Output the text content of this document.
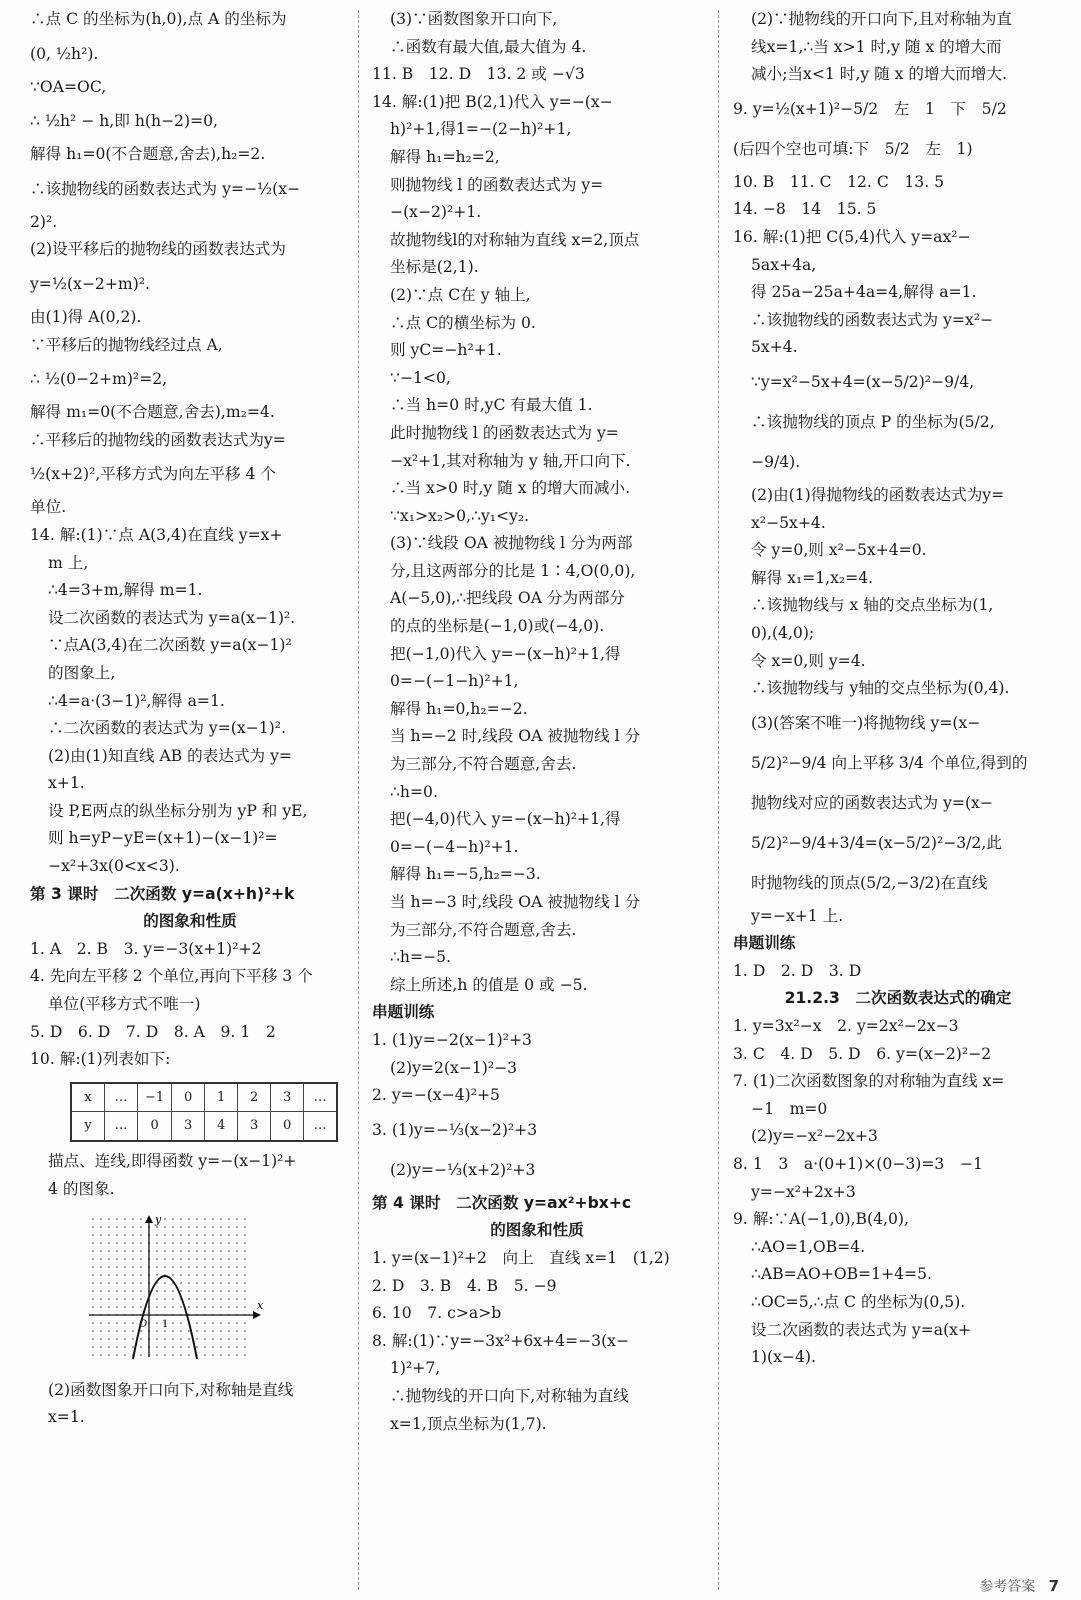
∴点 C 的坐标为(h,0),点 A 的坐标为
(0, ½h²).
∵OA=OC,
∴ ½h² − h,即 h(h−2)=0,
解得 h₁=0(不合题意,舍去),h₂=2.
∴该抛物线的函数表达式为 y=−½(x−
2)².
(2)设平移后的抛物线的函数表达式为
y=½(x−2+m)².
由(1)得 A(0,2).
∵平移后的抛物线经过点 A,
∴ ½(0−2+m)²=2,
解得 m₁=0(不合题意,舍去),m₂=4.
∴平移后的抛物线的函数表达式为y=
½(x+2)²,平移方式为向左平移 4 个
单位.
14. 解:(1)∵点 A(3,4)在直线 y=x+
m 上,
∴4=3+m,解得 m=1.
设二次函数的表达式为 y=a(x−1)².
∵点A(3,4)在二次函数 y=a(x−1)²
的图象上,
∴4=a·(3−1)²,解得 a=1.
∴二次函数的表达式为 y=(x−1)².
(2)由(1)知直线 AB 的表达式为 y=
x+1.
设 P,E两点的纵坐标分别为 yP 和 yE,
则 h=yP−yE=(x+1)−(x−1)²=
−x²+3x(0<x<3).
第 3 课时　二次函数 y=a(x+h)²+k
的图象和性质
1. A　2. B　3. y=−3(x+1)²+2
4. 先向左平移 2 个单位,再向下平移 3 个
单位(平移方式不唯一)
5. D　6. D　7. D　8. A　9. 1　2
10. 解:(1)列表如下:
x	…	−1	0	1	2	3	…
y	…	0	3	4	3	0	…
描点、连线,即得函数 y=−(x−1)²+
4 的图象.
x
y
O 1
(2)函数图象开口向下,对称轴是直线
x=1.
(3)∵函数图象开口向下,
∴函数有最大值,最大值为 4.
11. B　12. D　13. 2 或 −√3
14. 解:(1)把 B(2,1)代入 y=−(x−
h)²+1,得1=−(2−h)²+1,
解得 h₁=h₂=2,
则抛物线 l 的函数表达式为 y=
−(x−2)²+1.
故抛物线l的对称轴为直线 x=2,顶点
坐标是(2,1).
(2)∵点 C在 y 轴上,
∴点 C的横坐标为 0.
则 yC=−h²+1.
∵−1<0,
∴当 h=0 时,yC 有最大值 1.
此时抛物线 l 的函数表达式为 y=
−x²+1,其对称轴为 y 轴,开口向下.
∴当 x>0 时,y 随 x 的增大而减小.
∵x₁>x₂>0,∴y₁<y₂.
(3)∵线段 OA 被抛物线 l 分为两部
分,且这两部分的比是 1∶4,O(0,0),
A(−5,0),∴把线段 OA 分为两部分
的点的坐标是(−1,0)或(−4,0).
把(−1,0)代入 y=−(x−h)²+1,得
0=−(−1−h)²+1,
解得 h₁=0,h₂=−2.
当 h=−2 时,线段 OA 被抛物线 l 分
为三部分,不符合题意,舍去.
∴h=0.
把(−4,0)代入 y=−(x−h)²+1,得
0=−(−4−h)²+1.
解得 h₁=−5,h₂=−3.
当 h=−3 时,线段 OA 被抛物线 l 分
为三部分,不符合题意,舍去.
∴h=−5.
综上所述,h 的值是 0 或 −5.
串题训练
1. (1)y=−2(x−1)²+3
(2)y=2(x−1)²−3
2. y=−(x−4)²+5
3. (1)y=−⅓(x−2)²+3
(2)y=−⅓(x+2)²+3
第 4 课时　二次函数 y=ax²+bx+c
的图象和性质
1. y=(x−1)²+2　向上　直线 x=1　(1,2)
2. D　3. B　4. B　5. −9
6. 10　7. c>a>b
8. 解:(1)∵y=−3x²+6x+4=−3(x−
1)²+7,
∴抛物线的开口向下,对称轴为直线
x=1,顶点坐标为(1,7).
(2)∵抛物线的开口向下,且对称轴为直
线x=1,∴当 x>1 时,y 随 x 的增大而
减小;当x<1 时,y 随 x 的增大而增大.
9. y=½(x+1)²−5/2　左　1　下　5/2
(后四个空也可填:下　5/2　左　1)
10. B　11. C　12. C　13. 5
14. −8　14　15. 5
16. 解:(1)把 C(5,4)代入 y=ax²−
5ax+4a,
得 25a−25a+4a=4,解得 a=1.
∴该抛物线的函数表达式为 y=x²−
5x+4.
∵y=x²−5x+4=(x−5/2)²−9/4,
∴该抛物线的顶点 P 的坐标为(5/2,
−9/4).
(2)由(1)得抛物线的函数表达式为y=
x²−5x+4.
令 y=0,则 x²−5x+4=0.
解得 x₁=1,x₂=4.
∴该抛物线与 x 轴的交点坐标为(1,
0),(4,0);
令 x=0,则 y=4.
∴该抛物线与 y轴的交点坐标为(0,4).
(3)(答案不唯一)将抛物线 y=(x−
5/2)²−9/4 向上平移 3/4 个单位,得到的
抛物线对应的函数表达式为 y=(x−
5/2)²−9/4+3/4=(x−5/2)²−3/2,此
时抛物线的顶点(5/2,−3/2)在直线
y=−x+1 上.
串题训练
1. D　2. D　3. D
21.2.3　二次函数表达式的确定
1. y=3x²−x　2. y=2x²−2x−3
3. C　4. D　5. D　6. y=(x−2)²−2
7. (1)二次函数图象的对称轴为直线 x=
−1　m=0
(2)y=−x²−2x+3
8. 1　3　a·(0+1)×(0−3)=3　−1
y=−x²+2x+3
9. 解:∵A(−1,0),B(4,0),
∴AO=1,OB=4.
∴AB=AO+OB=1+4=5.
∴OC=5,∴点 C 的坐标为(0,5).
设二次函数的表达式为 y=a(x+
1)(x−4).
参考答案 7
